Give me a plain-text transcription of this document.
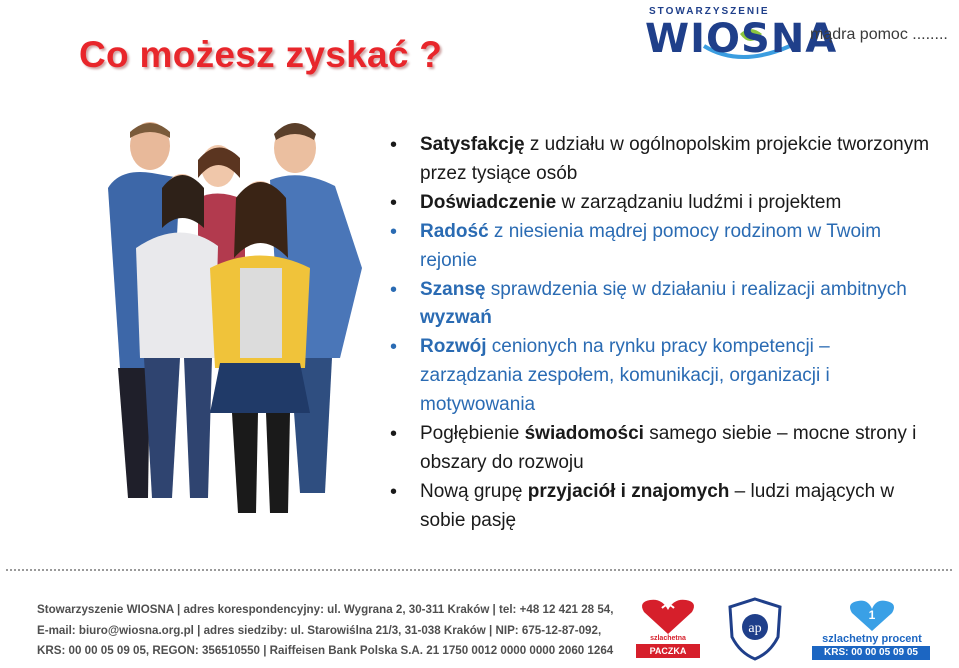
Co możesz zyskać ?
STOWARZYSZENIE
WIOSNA
mądra pomoc ........
• Satysfakcję z udziału w ogólnopolskim projekcie tworzonym przez tysiące osób
• Doświadczenie w zarządzaniu ludźmi i projektem
• Radość z niesienia mądrej pomocy rodzinom w Twoim rejonie
• Szansę sprawdzenia się w działaniu i realizacji ambitnych wyzwań
• Rozwój cenionych na rynku pracy kompetencji – zarządzania zespołem, komunikacji, organizacji i motywowania
• Pogłębienie świadomości samego siebie – mocne strony i obszary do rozwoju
• Nową grupę przyjaciół i znajomych – ludzi mających w sobie pasję
Stowarzyszenie WIOSNA | adres korespondencyjny: ul. Wygrana 2, 30-311 Kraków | tel: +48 12 421 28 54,
E-mail: biuro@wiosna.org.pl | adres siedziby: ul. Starowiślna 21/3, 31-038 Kraków | NIP: 675-12-87-092,
KRS: 00 00 05 09 05, REGON: 356510550 | Raiffeisen Bank Polska S.A. 21 1750 0012 0000 0000 2060 1264
szlachetna
PACZKA
ap
1
szlachetny procent
KRS: 00 00 05 09 05
